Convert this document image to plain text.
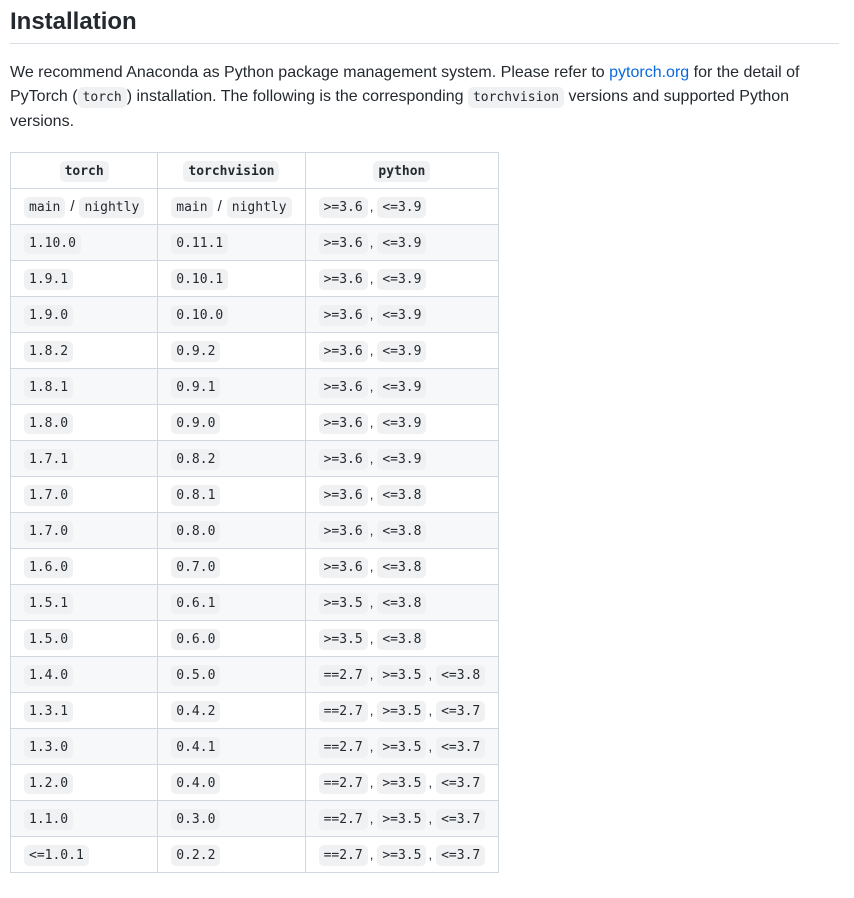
Installation

We recommend Anaconda as Python package management system. Please refer to pytorch.org for the detail of PyTorch ( torch ) installation. The following is the corresponding torchvision versions and supported Python versions.

torch	torchvision	python
main / nightly	main / nightly	>=3.6 , <=3.9
1.10.0	0.11.1	>=3.6 , <=3.9
1.9.1	0.10.1	>=3.6 , <=3.9
1.9.0	0.10.0	>=3.6 , <=3.9
1.8.2	0.9.2	>=3.6 , <=3.9
1.8.1	0.9.1	>=3.6 , <=3.9
1.8.0	0.9.0	>=3.6 , <=3.9
1.7.1	0.8.2	>=3.6 , <=3.9
1.7.0	0.8.1	>=3.6 , <=3.8
1.7.0	0.8.0	>=3.6 , <=3.8
1.6.0	0.7.0	>=3.6 , <=3.8
1.5.1	0.6.1	>=3.5 , <=3.8
1.5.0	0.6.0	>=3.5 , <=3.8
1.4.0	0.5.0	==2.7 , >=3.5 , <=3.8
1.3.1	0.4.2	==2.7 , >=3.5 , <=3.7
1.3.0	0.4.1	==2.7 , >=3.5 , <=3.7
1.2.0	0.4.0	==2.7 , >=3.5 , <=3.7
1.1.0	0.3.0	==2.7 , >=3.5 , <=3.7
<=1.0.1	0.2.2	==2.7 , >=3.5 , <=3.7
